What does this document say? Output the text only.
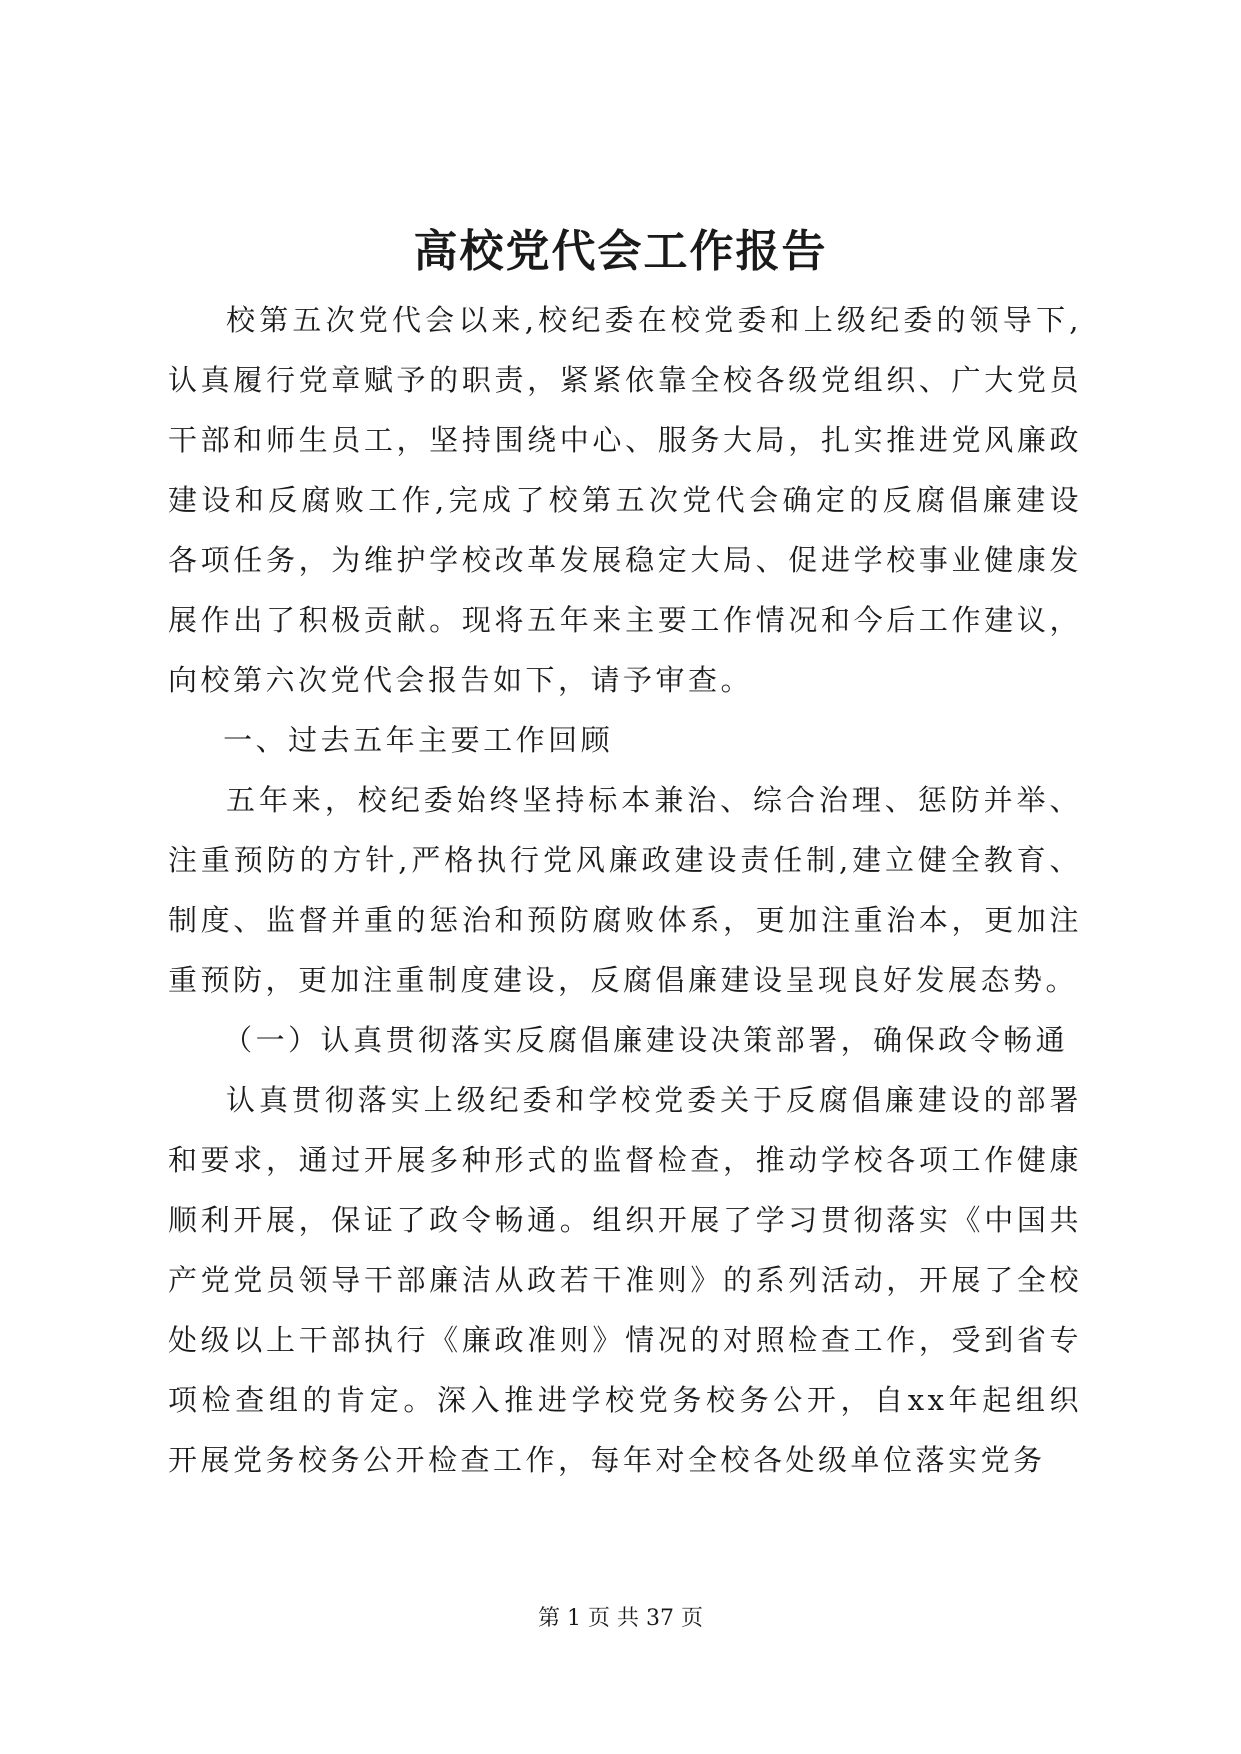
高校党代会工作报告

校第五次党代会以来,校纪委在校党委和上级纪委的领导下,认真履行党章赋予的职责，紧紧依靠全校各级党组织、广大党员干部和师生员工，坚持围绕中心、服务大局，扎实推进党风廉政建设和反腐败工作,完成了校第五次党代会确定的反腐倡廉建设各项任务，为维护学校改革发展稳定大局、促进学校事业健康发展作出了积极贡献。现将五年来主要工作情况和今后工作建议，向校第六次党代会报告如下，请予审查。

一、过去五年主要工作回顾

五年来，校纪委始终坚持标本兼治、综合治理、惩防并举、注重预防的方针,严格执行党风廉政建设责任制,建立健全教育、制度、监督并重的惩治和预防腐败体系，更加注重治本，更加注重预防，更加注重制度建设，反腐倡廉建设呈现良好发展态势。

（一）认真贯彻落实反腐倡廉建设决策部署，确保政令畅通

认真贯彻落实上级纪委和学校党委关于反腐倡廉建设的部署和要求，通过开展多种形式的监督检查，推动学校各项工作健康顺利开展，保证了政令畅通。组织开展了学习贯彻落实《中国共产党党员领导干部廉洁从政若干准则》的系列活动，开展了全校处级以上干部执行《廉政准则》情况的对照检查工作，受到省专项检查组的肯定。深入推进学校党务校务公开，自xx年起组织开展党务校务公开检查工作，每年对全校各处级单位落实党务

第 1 页 共 37 页
